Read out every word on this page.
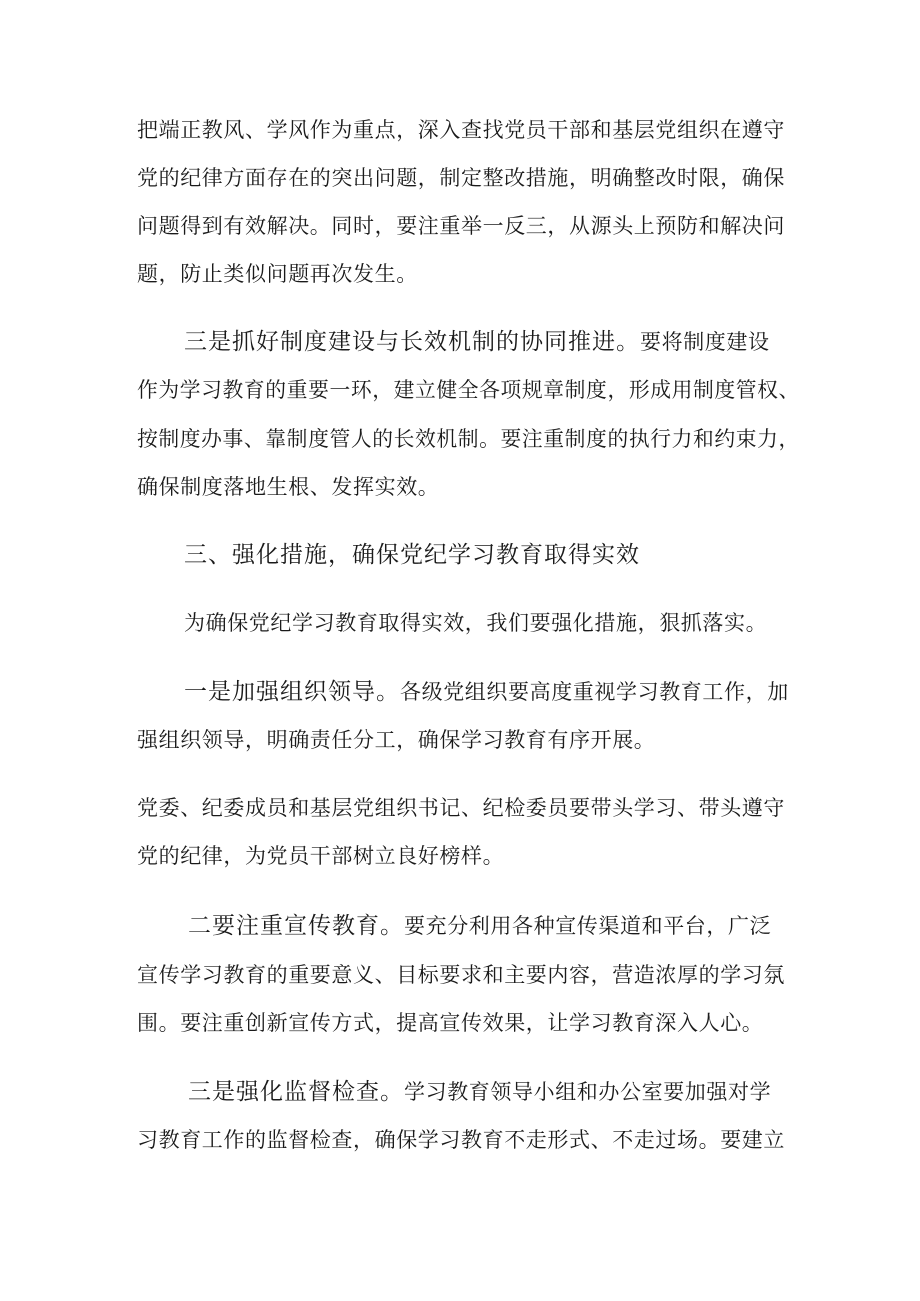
把端正教风、学风作为重点，深入查找党员干部和基层党组织在遵守
党的纪律方面存在的突出问题，制定整改措施，明确整改时限，确保
问题得到有效解决。同时，要注重举一反三，从源头上预防和解决问
题，防止类似问题再次发生。
三是抓好制度建设与长效机制的协同推进。要将制度建设
作为学习教育的重要一环，建立健全各项规章制度，形成用制度管权、
按制度办事、靠制度管人的长效机制。要注重制度的执行力和约束力，
确保制度落地生根、发挥实效。
三、强化措施，确保党纪学习教育取得实效
为确保党纪学习教育取得实效，我们要强化措施，狠抓落实。
一是加强组织领导。各级党组织要高度重视学习教育工作，加
强组织领导，明确责任分工，确保学习教育有序开展。
党委、纪委成员和基层党组织书记、纪检委员要带头学习、带头遵守
党的纪律，为党员干部树立良好榜样。
二要注重宣传教育。要充分利用各种宣传渠道和平台，广泛
宣传学习教育的重要意义、目标要求和主要内容，营造浓厚的学习氛
围。要注重创新宣传方式，提高宣传效果，让学习教育深入人心。
三是强化监督检查。学习教育领导小组和办公室要加强对学
习教育工作的监督检查，确保学习教育不走形式、不走过场。要建立
